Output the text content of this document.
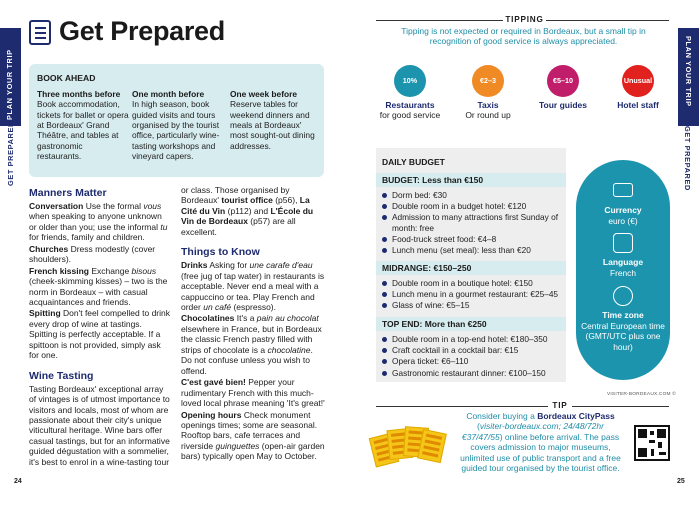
PLAN YOUR TRIP
GET PREPARED
PLAN YOUR TRIP
GET PREPARED
Get Prepared
BOOK AHEAD
Three months before
Book accommodation, tickets for ballet or opera at Bordeaux' Grand Théâtre, and tables at gastronomic restaurants.
One month before
In high season, book guided visits and tours organised by the tourist office, particularly wine-tasting workshops and vineyard capers.
One week before
Reserve tables for weekend dinners and meals at Bordeaux' most sought-out dining addresses.
Manners Matter

Conversation Use the formal vous when speaking to anyone unknown or older than you; use the informal tu for friends, family and children.

Churches Dress modestly (cover shoulders).

French kissing Exchange bisous (cheek-skimming kisses) – two is the norm in Bordeaux – with casual acquaintances and friends.

Spitting Don't feel compelled to drink every drop of wine at tastings. Spitting is perfectly acceptable. If a spittoon is not provided, simply ask for one.

Wine Tasting

Tasting Bordeaux' exceptional array of vintages is of utmost importance to visitors and locals, most of whom are passionate about their city's unique viticultural heritage. Wine bars offer casual tastings, but for an informative guided dégustation with a sommelier, it's best to enrol in a wine-tasting tour

or class. Those organised by Bordeaux' tourist office (p56), La Cité du Vin (p112) and L'École du Vin de Bordeaux (p57) are all excellent.

Things to Know

Drinks Asking for une carafe d'eau (free jug of tap water) in restaurants is acceptable. Never end a meal with a cappuccino or tea. Play French and order un café (espresso).

Chocolatines It's a pain au chocolat elsewhere in France, but in Bordeaux the classic French pastry filled with strips of chocolate is a chocolatine. Do not confuse unless you wish to offend.

C'est gavé bien! Pepper your rudimentary French with this much-loved local phrase meaning 'It's great!'

Opening hours Check monument openings times; some are seasonal. Rooftop bars, cafe terraces and riverside guinguettes (open-air garden bars) typically open May to October.

24	25
TIPPING
Tipping is not expected or required in Bordeaux, but a small tip in recognition of good service is always appreciated.
10%	€2–3	€5–10	Unusual
Restaurants
for good service
Taxis
Or round up
Tour guides	Hotel staff
DAILY BUDGET
BUDGET: Less than €150
Dorm bed: €30
Double room in a budget hotel: €120
Admission to many attractions first Sunday of month: free
Food-truck street food: €4–8
Lunch menu (set meal): less than €20
MIDRANGE: €150–250
Double room in a boutique hotel: €150
Lunch menu in a gourmet restaurant: €25–45
Glass of wine: €5–15
TOP END: More than €250
Double room in a top-end hotel: €180–350
Craft cocktail in a cocktail bar: €15
Opera ticket: €6–110
Gastronomic restaurant dinner: €100–150
Currency
euro (€)
Language
French
Time zone
Central European time (GMT/UTC plus one hour)
VISITER-BORDEAUX.COM ©
TIP
Consider buying a Bordeaux CityPass (visiter-bordeaux.com; 24/48/72hr €37/47/55) online before arrival. The pass covers admission to major museums, unlimited use of public transport and a free guided tour organised by the tourist office.
